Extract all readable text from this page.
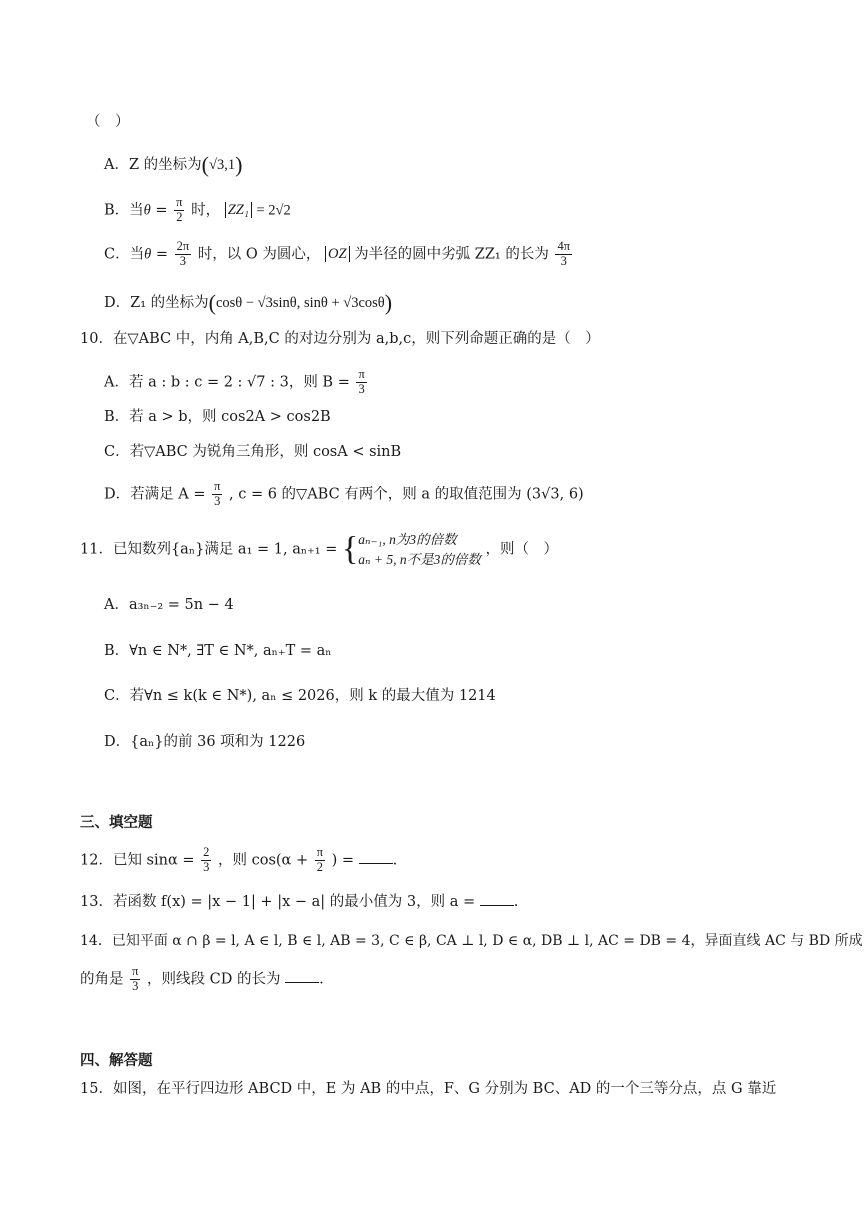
（　）
A．Z 的坐标为(√3,1)
B．当$\theta = \frac{\pi}{2}$ 时， ZZ₁ = 2√2
C．当$\theta = \frac{2\pi}{3}$ 时，以 O 为圆心， OZ 为半径的圆中劣弧 ZZ₁ 的长为 $\frac{4\pi}{3}$
D．Z₁ 的坐标为(cosθ − √3sinθ, sinθ + √3cosθ)
10．在▽ABC 中，内角 A,B,C 的对边分别为 a,b,c，则下列命题正确的是（　）
A．若 a : b : c = 2 : √7 : 3，则 $B = \frac{\pi}{3}$
B．若 a > b，则 cos2A > cos2B
C．若▽ABC 为锐角三角形，则 cosA < sinB
D．若满足 $A = \frac{\pi}{3}$ , c = 6 的▽ABC 有两个，则 a 的取值范围为 (3√3, 6)
11．已知数列{aₙ}满足 a₁ = 1, aₙ₊₁ = { aₙ₋₁, n为3的倍数
aₙ + 5, n不是3的倍数
，则（　）
A．a₃ₙ₋₂ = 5n − 4
B．∀n ∈ N*, ∃T ∈ N*, aₙ₊T = aₙ
C．若∀n ≤ k(k ∈ N*), aₙ ≤ 2026，则 k 的最大值为 1214
D．{aₙ}的前 36 项和为 1226
三、填空题
12．已知 $\sin\alpha = \frac{2}{3}$ ，则 $\cos(\alpha + \frac{\pi}{2}$ ) =	.
13．若函数 f(x) = |x − 1| + |x − a| 的最小值为 3，则 a =	.
14．已知平面 α ∩ β = l, A ∈ l, B ∈ l, AB = 3, C ∈ β, CA ⊥ l, D ∈ α, DB ⊥ l, AC = DB = 4，异面直线 AC 与 BD 所成
的角是 $\frac{\pi}{3}$ ，则线段 CD 的长为	.
四、解答题
15．如图，在平行四边形 ABCD 中，E 为 AB 的中点，F、G 分别为 BC、AD 的一个三等分点，点 G 靠近
